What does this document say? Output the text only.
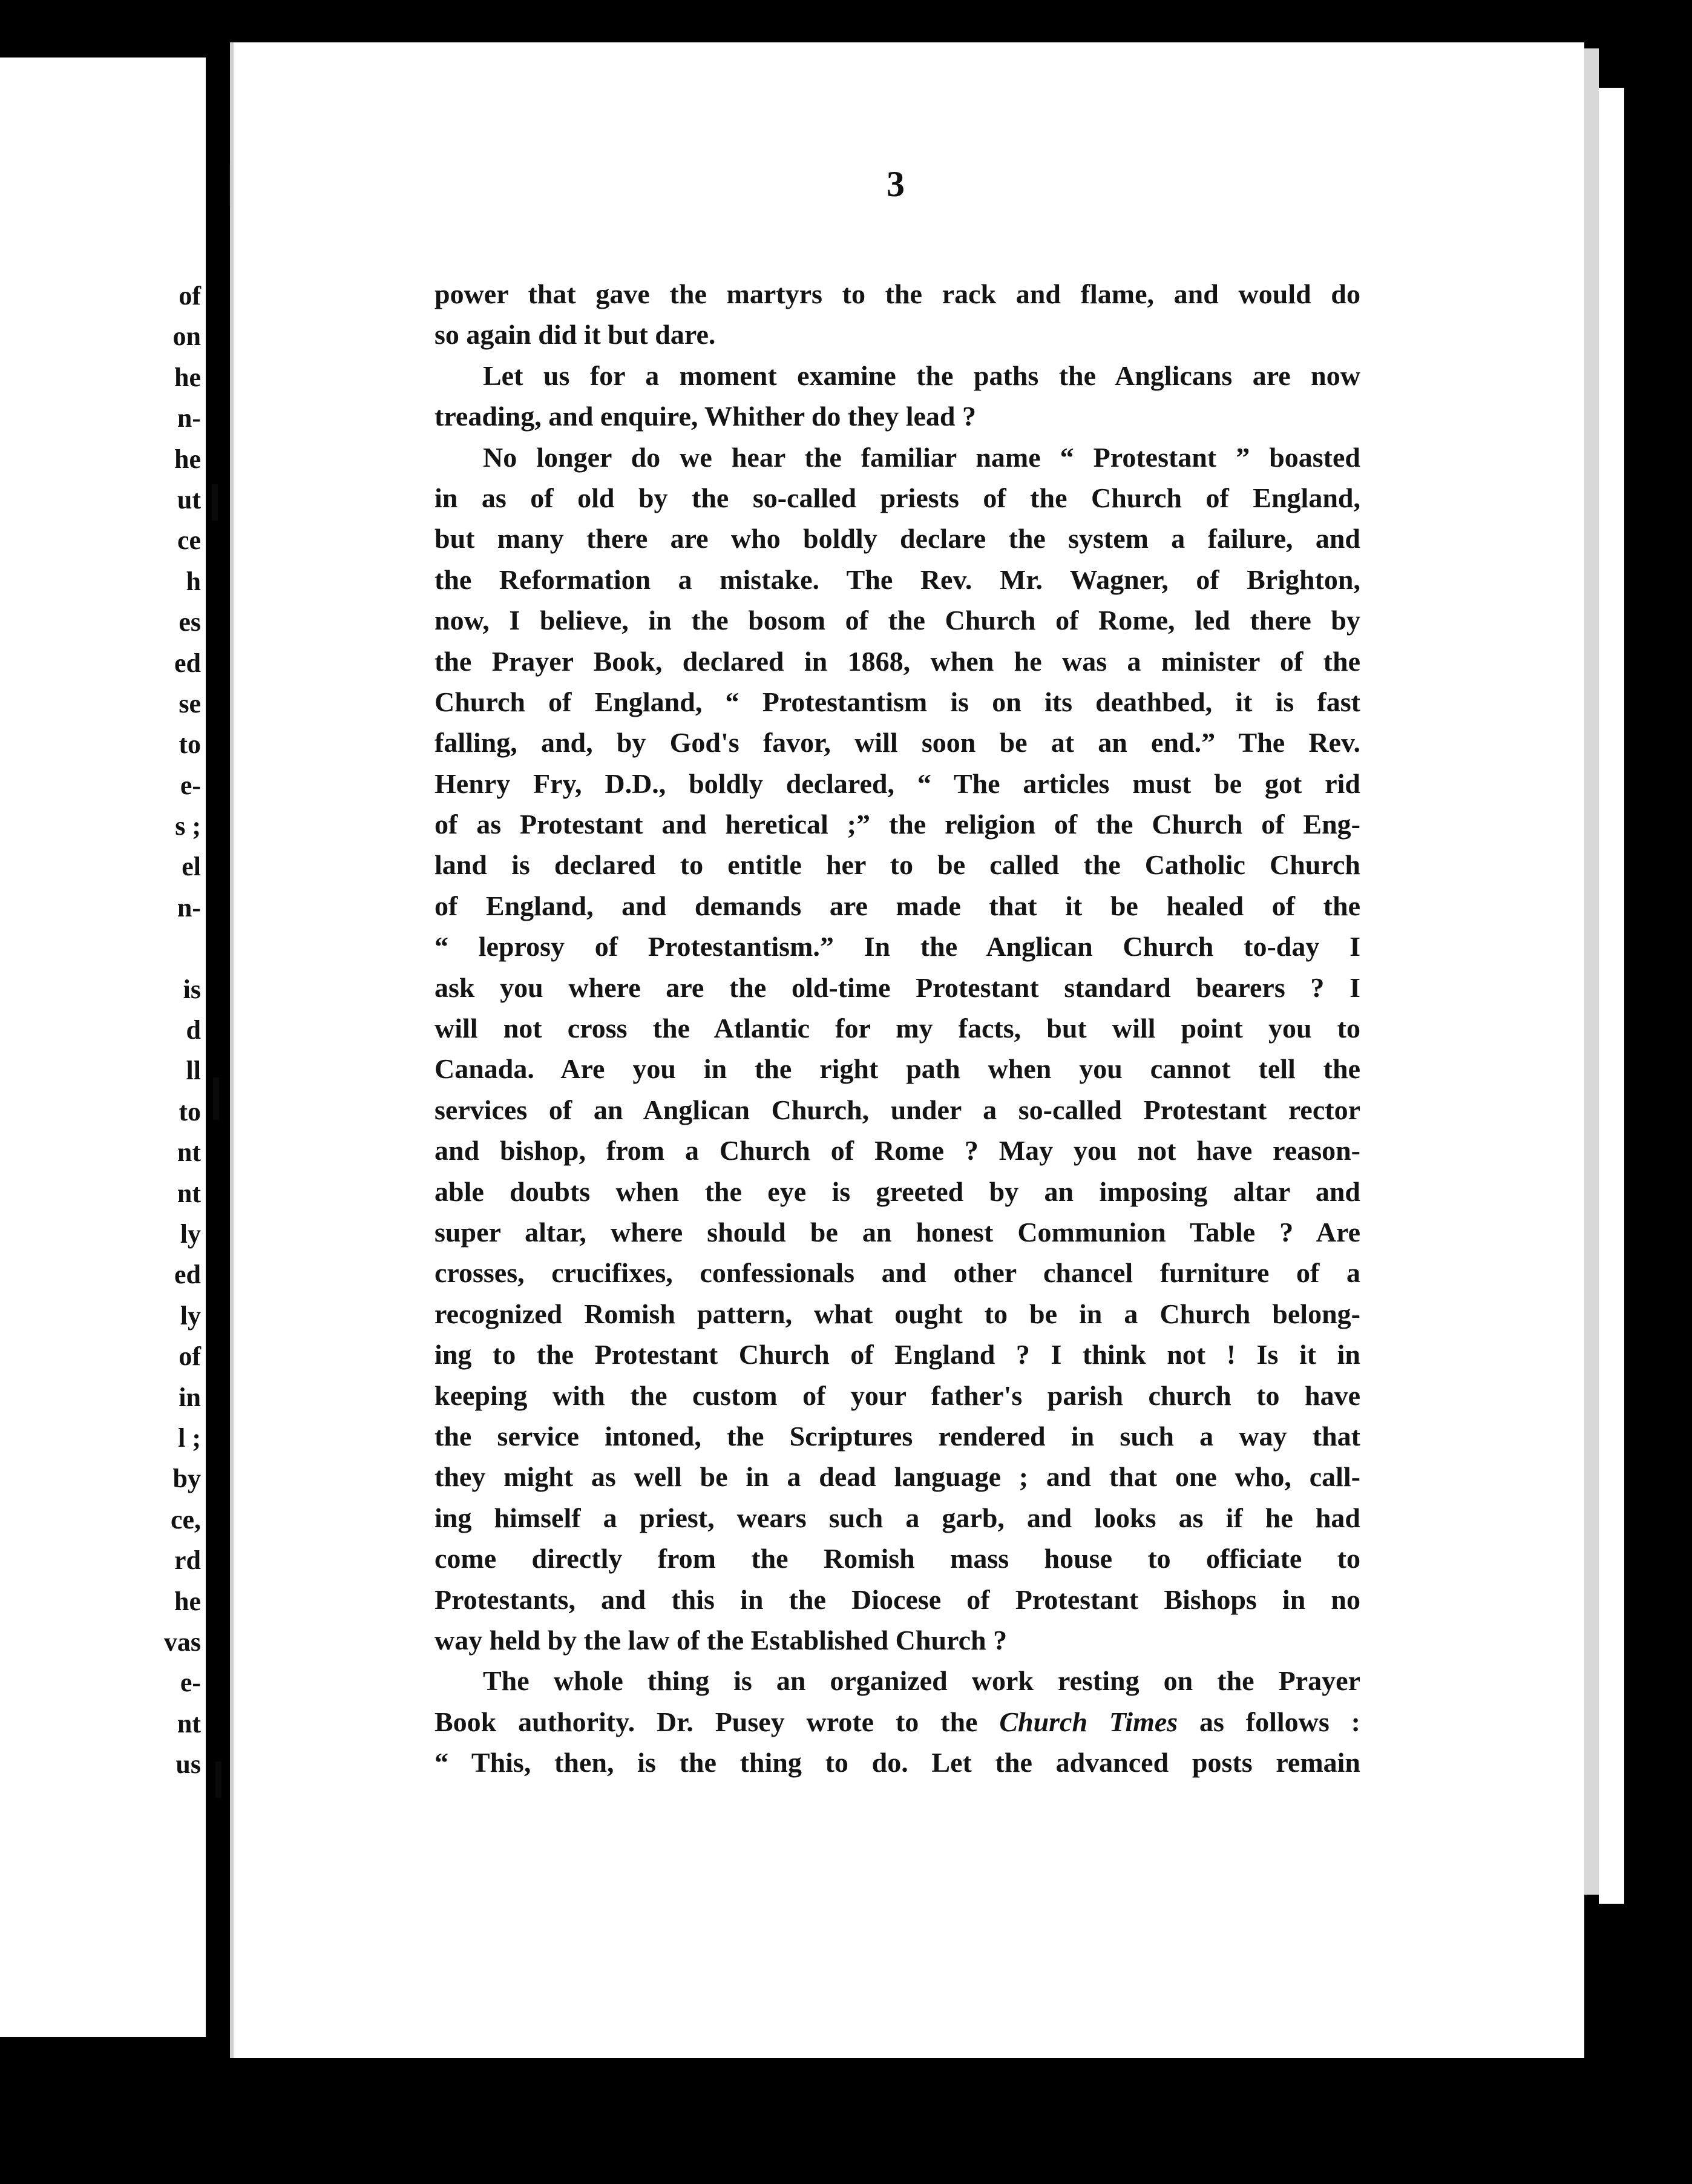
of
on
he
n-
he
ut
ce
h
es
ed
se
to
e-
s ;
el
n-
is
d
ll
to
nt
nt
ly
ed
ly
of
in
l ;
by
ce,
rd
he
vas
e-
nt
us
3
power that gave the martyrs to the rack and flame, and would do
so again did it but dare.
Let us for a moment examine the paths the Anglicans are now
treading, and enquire, Whither do they lead ?
No longer do we hear the familiar name “ Protestant ” boasted
in as of old by the so-called priests of the Church of England,
but many there are who boldly declare the system a failure, and
the Reformation a mistake. The Rev. Mr. Wagner, of Brighton,
now, I believe, in the bosom of the Church of Rome, led there by
the Prayer Book, declared in 1868, when he was a minister of the
Church of England, “ Protestantism is on its deathbed, it is fast
falling, and, by God's favor, will soon be at an end.” The Rev.
Henry Fry, D.D., boldly declared, “ The articles must be got rid
of as Protestant and heretical ;” the religion of the Church of Eng-
land is declared to entitle her to be called the Catholic Church
of England, and demands are made that it be healed of the
“ leprosy of Protestantism.” In the Anglican Church to-day I
ask you where are the old-time Protestant standard bearers ? I
will not cross the Atlantic for my facts, but will point you to
Canada. Are you in the right path when you cannot tell the
services of an Anglican Church, under a so-called Protestant rector
and bishop, from a Church of Rome ? May you not have reason-
able doubts when the eye is greeted by an imposing altar and
super altar, where should be an honest Communion Table ? Are
crosses, crucifixes, confessionals and other chancel furniture of a
recognized Romish pattern, what ought to be in a Church belong-
ing to the Protestant Church of England ? I think not ! Is it in
keeping with the custom of your father's parish church to have
the service intoned, the Scriptures rendered in such a way that
they might as well be in a dead language ; and that one who, call-
ing himself a priest, wears such a garb, and looks as if he had
come directly from the Romish mass house to officiate to
Protestants, and this in the Diocese of Protestant Bishops in no
way held by the law of the Established Church ?
The whole thing is an organized work resting on the Prayer
Book authority. Dr. Pusey wrote to the Church Times as follows :
“ This, then, is the thing to do. Let the advanced posts remain
